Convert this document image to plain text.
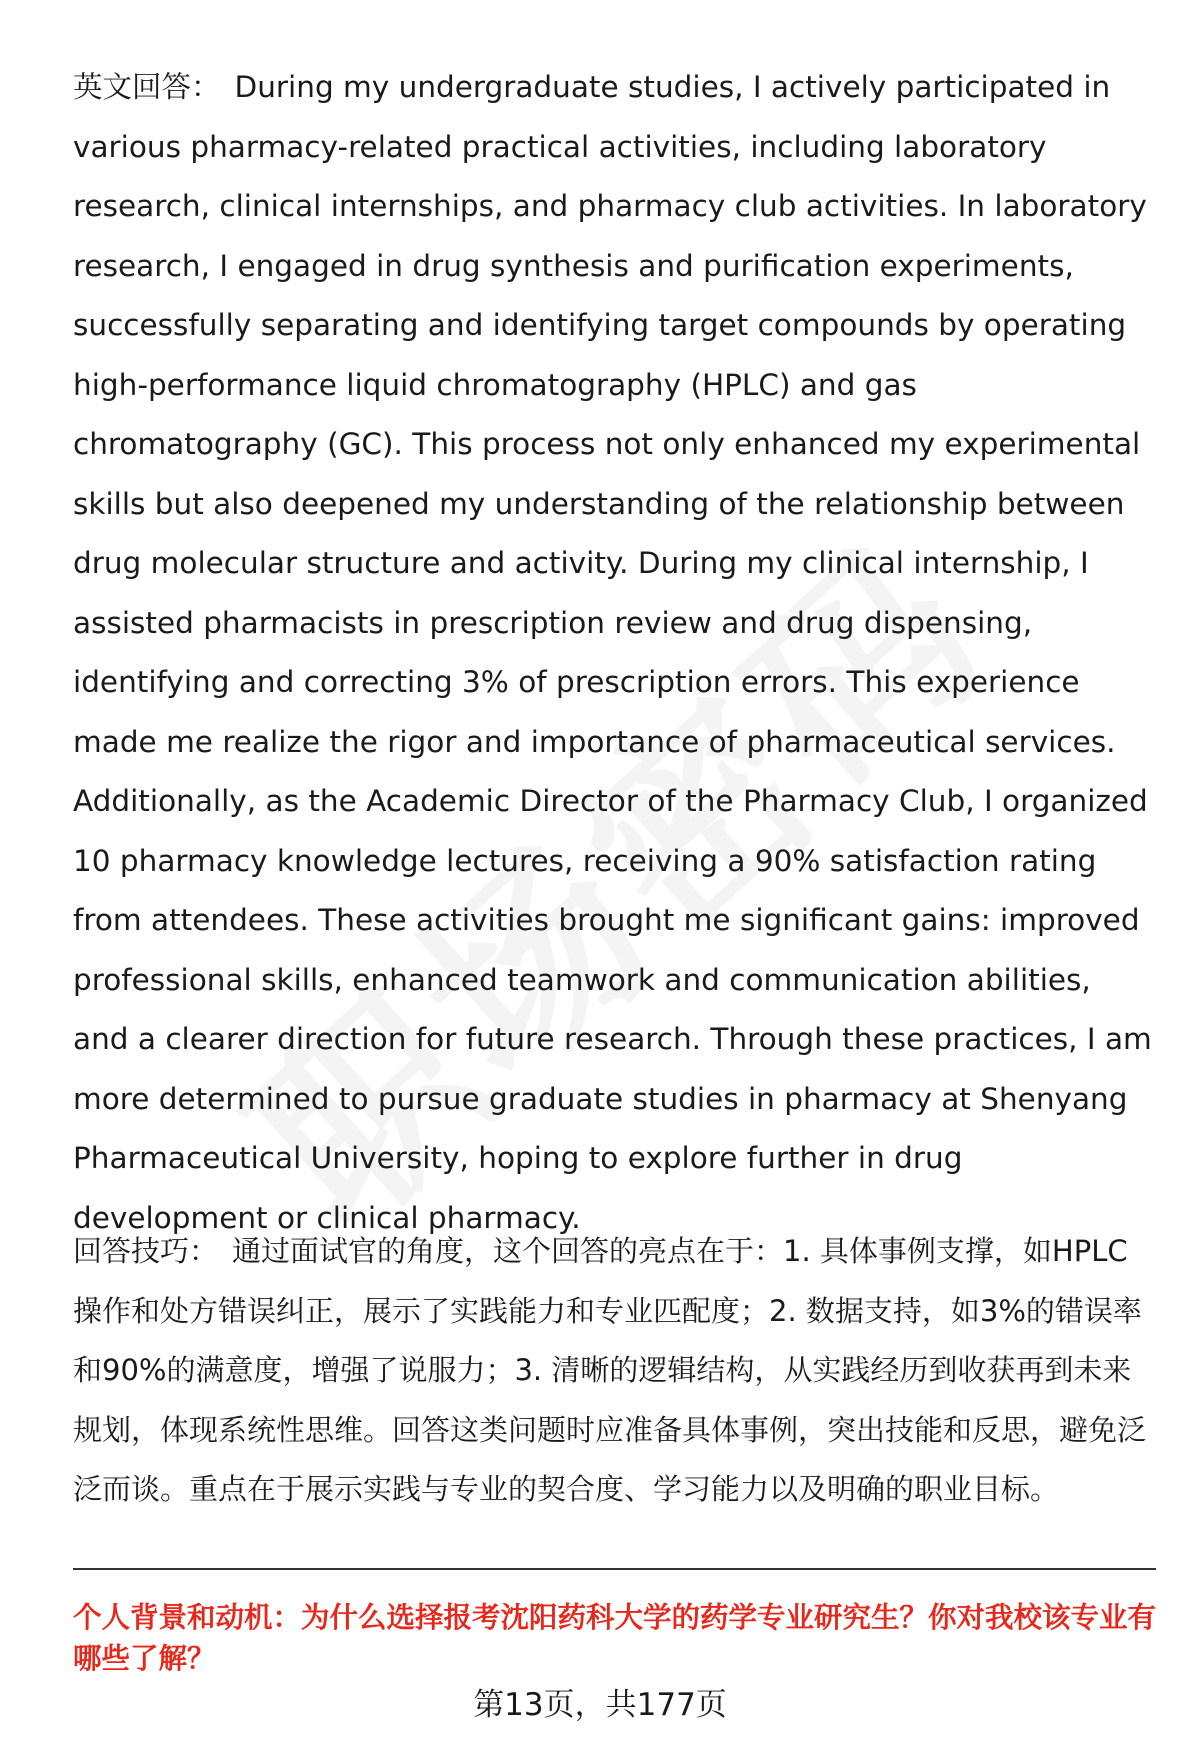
英文回答： During my undergraduate studies, I actively participated in various pharmacy-related practical activities, including laboratory research, clinical internships, and pharmacy club activities. In laboratory research, I engaged in drug synthesis and purification experiments, successfully separating and identifying target compounds by operating high-performance liquid chromatography (HPLC) and gas chromatography (GC). This process not only enhanced my experimental skills but also deepened my understanding of the relationship between drug molecular structure and activity. During my clinical internship, I assisted pharmacists in prescription review and drug dispensing, identifying and correcting 3% of prescription errors. This experience made me realize the rigor and importance of pharmaceutical services. Additionally, as the Academic Director of the Pharmacy Club, I organized 10 pharmacy knowledge lectures, receiving a 90% satisfaction rating from attendees. These activities brought me significant gains: improved professional skills, enhanced teamwork and communication abilities, and a clearer direction for future research. Through these practices, I am more determined to pursue graduate studies in pharmacy at Shenyang Pharmaceutical University, hoping to explore further in drug development or clinical pharmacy.

回答技巧： 通过面试官的角度，这个回答的亮点在于：1. 具体事例支撑，如HPLC操作和处方错误纠正，展示了实践能力和专业匹配度；2. 数据支持，如3%的错误率和90%的满意度，增强了说服力；3. 清晰的逻辑结构，从实践经历到收获再到未来规划，体现系统性思维。回答这类问题时应准备具体事例，突出技能和反思，避免泛泛而谈。重点在于展示实践与专业的契合度、学习能力以及明确的职业目标。

个人背景和动机：为什么选择报考沈阳药科大学的药学专业研究生？你对我校该专业有哪些了解？

第13页，共177页
